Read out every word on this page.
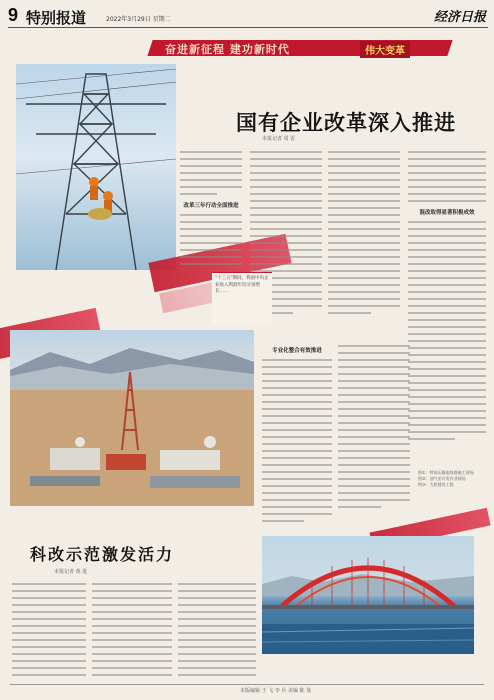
9 特别报道	2022年3月29日 星期二	经济日报
奋进新征程 建功新时代	伟大变革
国有企业改革深入推进
本报记者 周 雷
改革三年行动全面推进
混改取得显著积极成效
"十三五"期间，我国中央企业收入利润年均分别增长……
专业化整合有效推进
图①：特高压输电线路施工现场
图②：油气田开发作业现场
图③：大桥建设工程
科改示范激发活力
本报记者 黄 进
本版编辑 王 飞 李 兵 美编 陈 曼
